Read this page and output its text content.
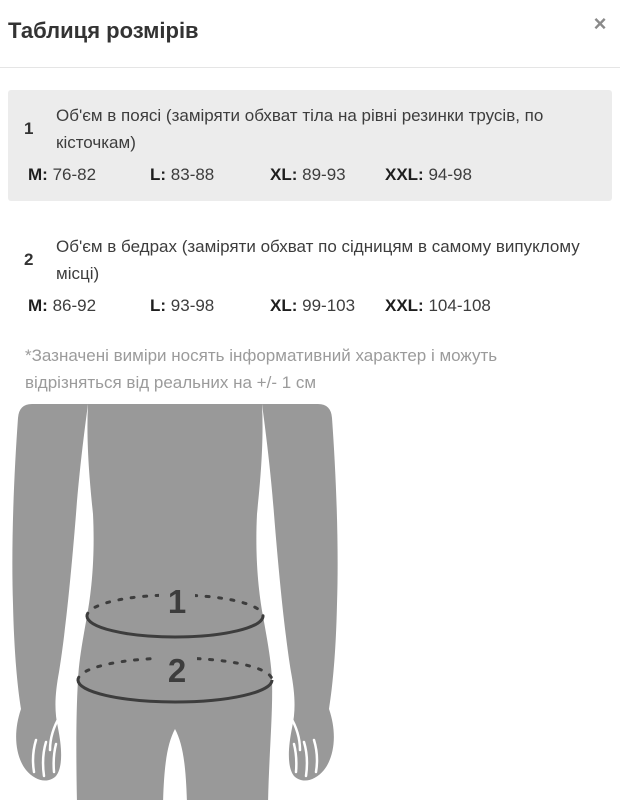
Таблиця розмірів	×
1
Об'єм в поясі (заміряти обхват тіла на рівні резинки трусів, по кісточкам)
M: 76-82	L: 83-88	XL: 89-93	XXL: 94-98
2
Об'єм в бедрах (заміряти обхват по сідницям в самому випуклому місці)
M: 86-92	L: 93-98	XL: 99-103	XXL: 104-108
*Зазначені виміри носять інформативний характер і можуть відрізняться від реальних на +/- 1 см
1
2
